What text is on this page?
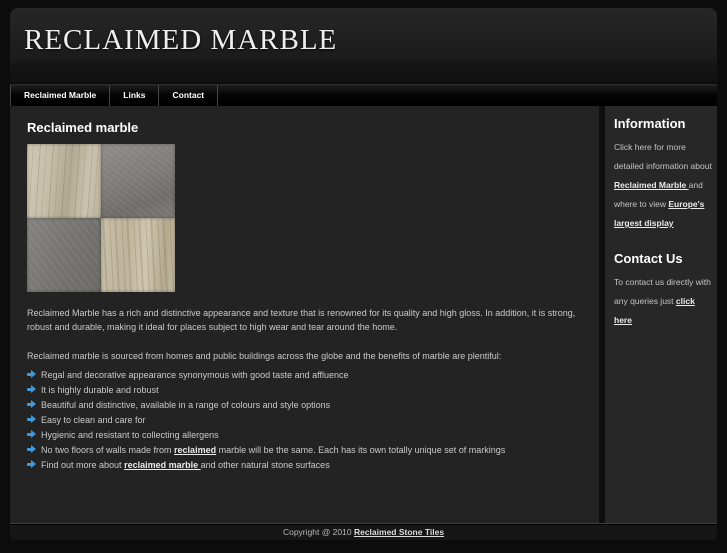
RECLAIMED MARBLE
Reclaimed Marble	Links	Contact
Reclaimed marble

Reclaimed Marble has a rich and distinctive appearance and texture that is renowned for its quality and high gloss. In addition, it is strong, robust and durable, making it ideal for places subject to high wear and tear around the home.

Reclaimed marble is sourced from homes and public buildings across the globe and the benefits of marble are plentiful:

Regal and decorative appearance synonymous with good taste and affluence
It is highly durable and robust
Beautiful and distinctive, available in a range of colours and style options
Easy to clean and care for
Hygienic and resistant to collecting allergens
No two floors of walls made from reclaimed marble will be the same. Each has its own totally unique set of markings
Find out more about reclaimed marble and other natural stone surfaces
Information

Click here for more detailed information about Reclaimed Marble and where to view Europe's largest display

Contact Us

To contact us directly with any queries just click here

Copyright @ 2010 Reclaimed Stone Tiles
